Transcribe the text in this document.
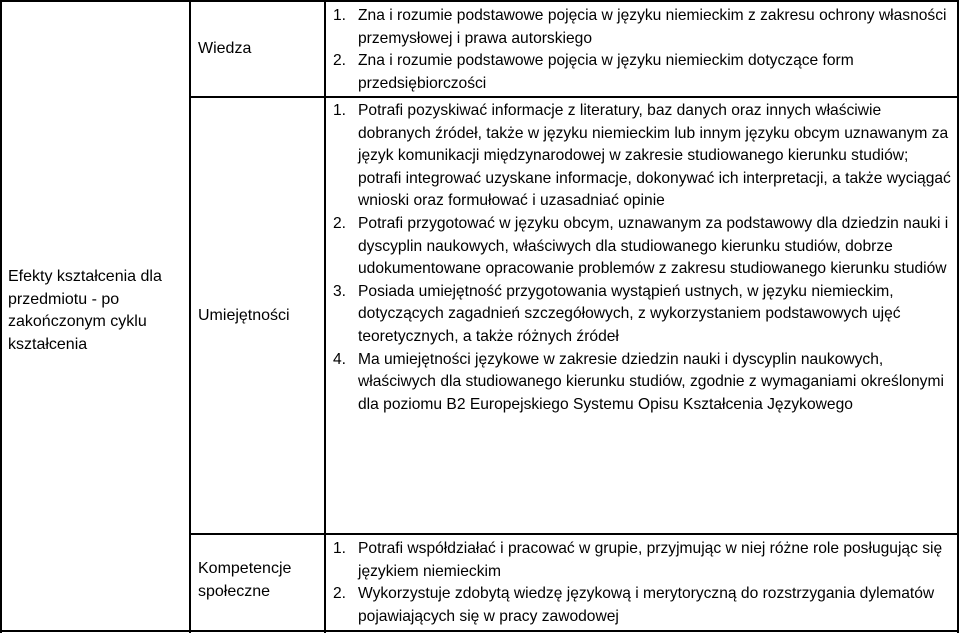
Efekty kształcenia dla przedmiotu - po zakończonym cyklu kształcenia
Wiedza
1. Zna i rozumie podstawowe pojęcia w języku niemieckim z zakresu ochrony własności przemysłowej i prawa autorskiego
2. Zna i rozumie podstawowe pojęcia w języku niemieckim dotyczące form przedsiębiorczości
Umiejętności
1. Potrafi pozyskiwać informacje z literatury, baz danych oraz innych właściwie dobranych źródeł, także w języku niemieckim lub innym języku obcym uznawanym za język komunikacji międzynarodowej w zakresie studiowanego kierunku studiów; potrafi integrować uzyskane informacje, dokonywać ich interpretacji, a także wyciągać wnioski oraz formułować i uzasadniać opinie
2. Potrafi przygotować w języku obcym, uznawanym za podstawowy dla dziedzin nauki i dyscyplin naukowych, właściwych dla studiowanego kierunku studiów, dobrze udokumentowane opracowanie problemów z zakresu studiowanego kierunku studiów
3. Posiada umiejętność przygotowania wystąpień ustnych, w języku niemieckim, dotyczących zagadnień szczegółowych, z wykorzystaniem podstawowych ujęć teoretycznych, a także różnych źródeł
4. Ma umiejętności językowe w zakresie dziedzin nauki i dyscyplin naukowych, właściwych dla studiowanego kierunku studiów, zgodnie z wymaganiami określonymi dla poziomu B2 Europejskiego Systemu Opisu Kształcenia Językowego
Kompetencje społeczne
1. Potrafi współdziałać i pracować w grupie, przyjmując w niej różne role posługując się językiem niemieckim
2. Wykorzystuje zdobytą wiedzę językową i merytoryczną do rozstrzygania dylematów pojawiających się w pracy zawodowej
